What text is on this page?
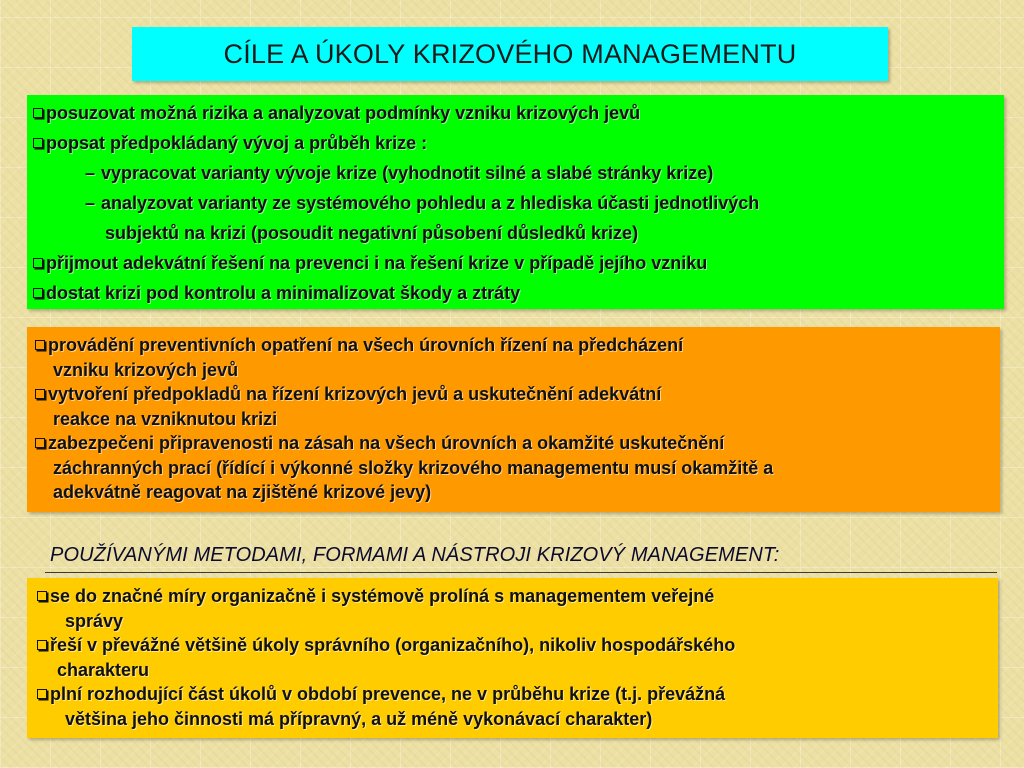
CÍLE A ÚKOLY KRIZOVÉHO MANAGEMENTU
posuzovat možná rizika a analyzovat podmínky vzniku krizových jevů
popsat předpokládaný vývoj a průběh krize :
– vypracovat varianty vývoje krize (vyhodnotit silné a slabé stránky krize)
– analyzovat varianty ze systémového pohledu a z hlediska účasti jednotlivých
subjektů na krizi (posoudit negativní působení důsledků krize)
přijmout adekvátní řešení na prevenci i na řešení krize v případě jejího vzniku
dostat krizi pod kontrolu a minimalizovat škody a ztráty
provádění preventivních opatření na všech úrovních řízení na předcházení
vzniku krizových jevů
vytvoření předpokladů na řízení krizových jevů a uskutečnění adekvátní
reakce na vzniknutou krizi
zabezpečeni připravenosti na zásah na všech úrovních a okamžité uskutečnění
záchranných prací (řídící i výkonné složky krizového managementu musí okamžitě a
adekvátně reagovat na zjištěné krizové jevy)
POUŽÍVANÝMI METODAMI, FORMAMI A NÁSTROJI KRIZOVÝ MANAGEMENT:
se do značné míry organizačně i systémově prolíná s managementem veřejné
správy
řeší v převážné většině úkoly správního (organizačního), nikoliv hospodářského
charakteru
plní rozhodující část úkolů v období prevence, ne v průběhu krize (t.j. převážná
většina jeho činnosti má přípravný, a už méně vykonávací charakter)
